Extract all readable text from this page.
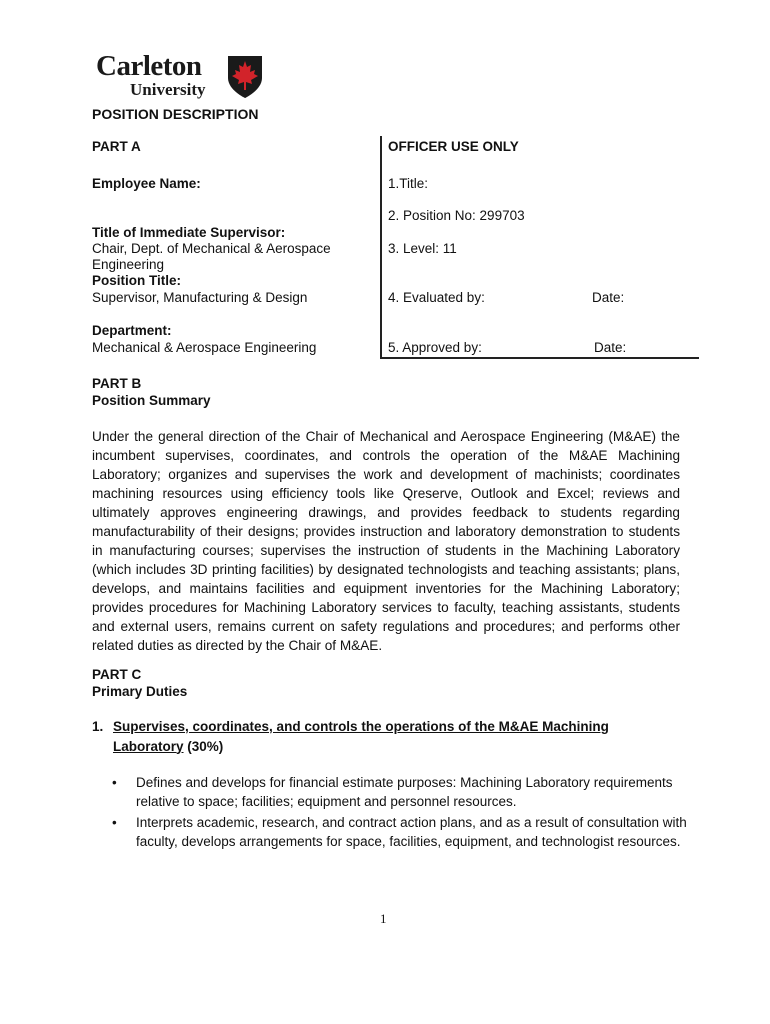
Carleton
University
POSITION DESCRIPTION
PART A
Employee Name:
Title of Immediate Supervisor:
Chair, Dept. of Mechanical & Aerospace
Engineering
Position Title:
Supervisor, Manufacturing & Design
Department:
Mechanical & Aerospace Engineering
OFFICER USE ONLY
1.Title:
2. Position No: 299703
3. Level: 11
4. Evaluated by:	Date:
5. Approved by:	Date:
PART B
Position Summary
Under the general direction of the Chair of Mechanical and Aerospace Engineering (M&AE) the incumbent supervises, coordinates, and controls the operation of the M&AE Machining Laboratory; organizes and supervises the work and development of machinists; coordinates machining resources using efficiency tools like Qreserve, Outlook and Excel; reviews and ultimately approves engineering drawings, and provides feedback to students regarding manufacturability of their designs; provides instruction and laboratory demonstration to students in manufacturing courses; supervises the instruction of students in the Machining Laboratory (which includes 3D printing facilities) by designated technologists and teaching assistants; plans, develops, and maintains facilities and equipment inventories for the Machining Laboratory; provides procedures for Machining Laboratory services to faculty, teaching assistants, students and external users, remains current on safety regulations and procedures; and performs other related duties as directed by the Chair of M&AE.
PART C
Primary Duties
1. Supervises, coordinates, and controls the operations of the M&AE Machining Laboratory (30%)
• Defines and develops for financial estimate purposes: Machining Laboratory requirements relative to space; facilities; equipment and personnel resources.
• Interprets academic, research, and contract action plans, and as a result of consultation with faculty, develops arrangements for space, facilities, equipment, and technologist resources.
1
